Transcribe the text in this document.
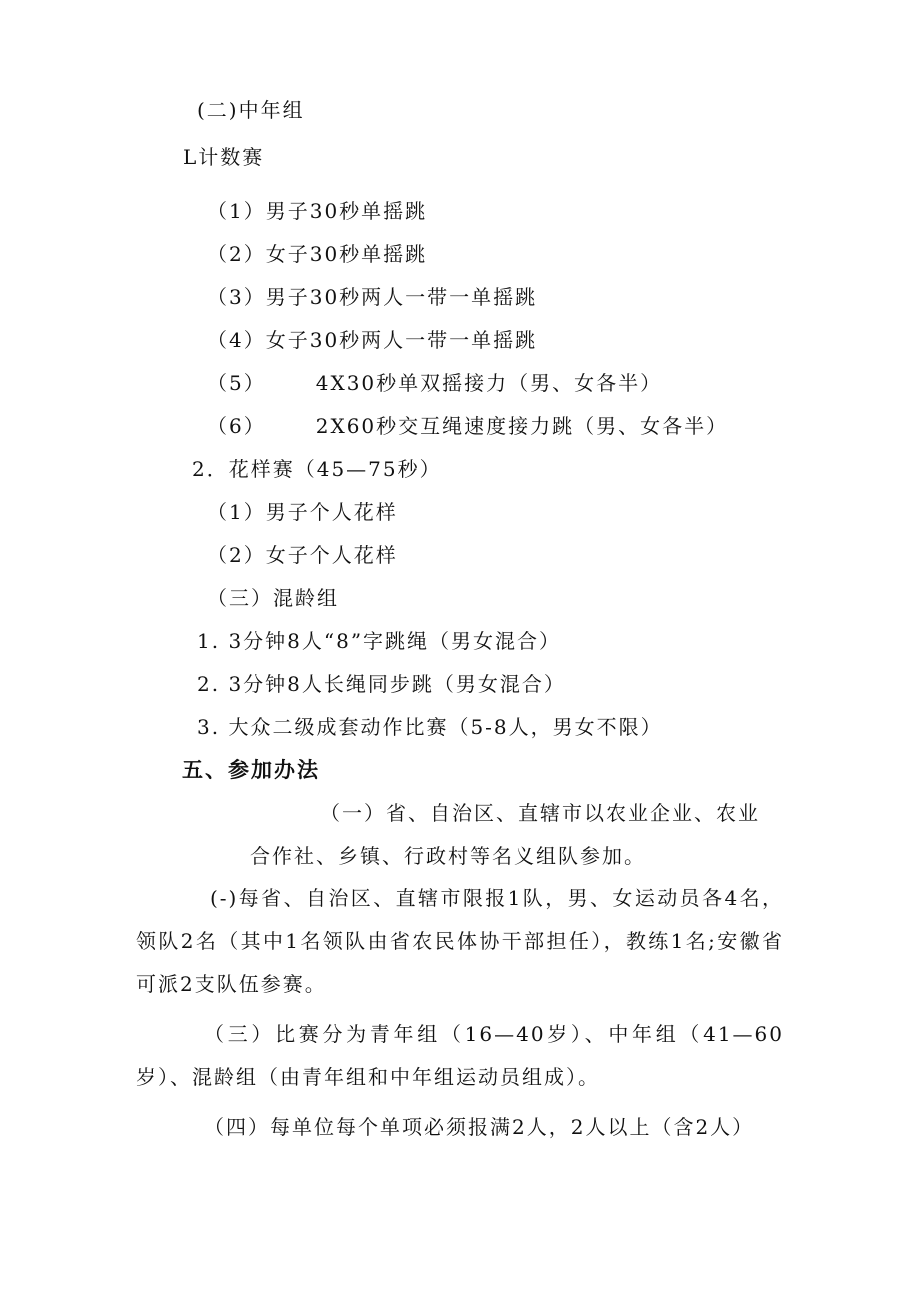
(二)中年组
L计数赛
（1）男子30秒单摇跳
（2）女子30秒单摇跳
（3）男子30秒两人一带一单摇跳
（4）女子30秒两人一带一单摇跳
（5）	4X30秒单双摇接力（男、女各半）
（6）	2X60秒交互绳速度接力跳（男、女各半）
2．花样赛（45—75秒）
（1）男子个人花样
（2）女子个人花样
（三）混龄组
1. 3分钟8人“8”字跳绳（男女混合）
2. 3分钟8人长绳同步跳（男女混合）
3. 大众二级成套动作比赛（5-8人，男女不限）
五、参加办法
（一）省、自治区、直辖市以农业企业、农业
合作社、乡镇、行政村等名义组队参加。
(-)每省、自治区、直辖市限报1队，男、女运动员各4名，领队2名（其中1名领队由省农民体协干部担任），教练1名;安徽省可派2支队伍参赛。
（三）比赛分为青年组（16—40岁）、中年组（41—60岁）、混龄组（由青年组和中年组运动员组成）。
（四）每单位每个单项必须报满2人，2人以上（含2人）
